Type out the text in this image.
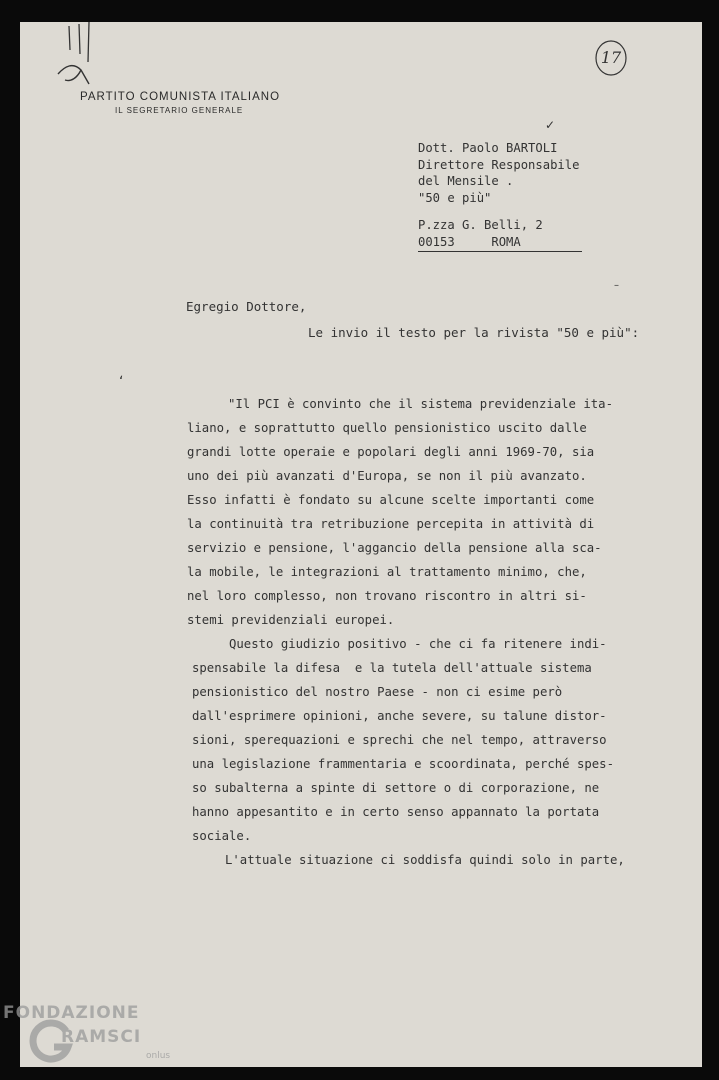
PARTITO COMUNISTA ITALIANO
IL SEGRETARIO GENERALE
17
✓
Dott. Paolo BARTOLI
Direttore Responsabile
del Mensile .
"50 e più"
P.zza G. Belli, 2
00153	ROMA
–
Egregio Dottore,
Le invio il testo per la rivista "50 e più":
ʻ
"Il PCI è convinto che il sistema previdenziale ita-
liano, e soprattutto quello pensionistico uscito dalle
grandi lotte operaie e popolari degli anni 1969-70, sia
uno dei più avanzati d'Europa, se non il più avanzato.
Esso infatti è fondato su alcune scelte importanti come
la continuità tra retribuzione percepita in attività di
servizio e pensione, l'aggancio della pensione alla sca-
la mobile, le integrazioni al trattamento minimo, che,
nel loro complesso, non trovano riscontro in altri si-
stemi previdenziali europei.
Questo giudizio positivo - che ci fa ritenere indi-
spensabile la difesa  e la tutela dell'attuale sistema
pensionistico del nostro Paese - non ci esime però
dall'esprimere opinioni, anche severe, su talune distor-
sioni, sperequazioni e sprechi che nel tempo, attraverso
una legislazione frammentaria e scoordinata, perché spes-
so subalterna a spinte di settore o di corporazione, ne
hanno appesantito e in certo senso appannato la portata
sociale.
L'attuale situazione ci soddisfa quindi solo in parte,
FONDAZIONE
RAMSCI
onlus
